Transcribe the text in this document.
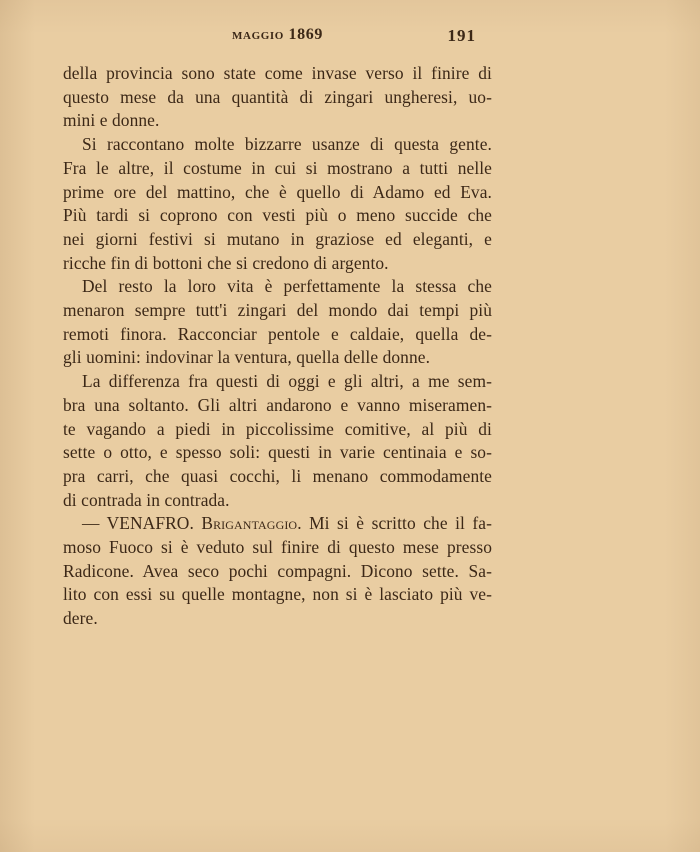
maggio 1869	191
della provincia sono state come invase verso il finire di
questo mese da una quantità di zingari ungheresi, uo-
mini e donne.
Si raccontano molte bizzarre usanze di questa gente.
Fra le altre, il costume in cui si mostrano a tutti nelle
prime ore del mattino, che è quello di Adamo ed Eva.
Più tardi si coprono con vesti più o meno succide che
nei giorni festivi si mutano in graziose ed eleganti, e
ricche fin di bottoni che si credono di argento.
Del resto la loro vita è perfettamente la stessa che
menaron sempre tutt'i zingari del mondo dai tempi più
remoti finora. Racconciar pentole e caldaie, quella de-
gli uomini: indovinar la ventura, quella delle donne.
La differenza fra questi di oggi e gli altri, a me sem-
bra una soltanto. Gli altri andarono e vanno miseramen-
te vagando a piedi in piccolissime comitive, al più di
sette o otto, e spesso soli: questi in varie centinaia e so-
pra carri, che quasi cocchi, li menano commodamente
di contrada in contrada.
— VENAFRO. Brigantaggio. Mi si è scritto che il fa-
moso Fuoco si è veduto sul finire di questo mese presso
Radicone. Avea seco pochi compagni. Dicono sette. Sa-
lito con essi su quelle montagne, non si è lasciato più ve-
dere.
